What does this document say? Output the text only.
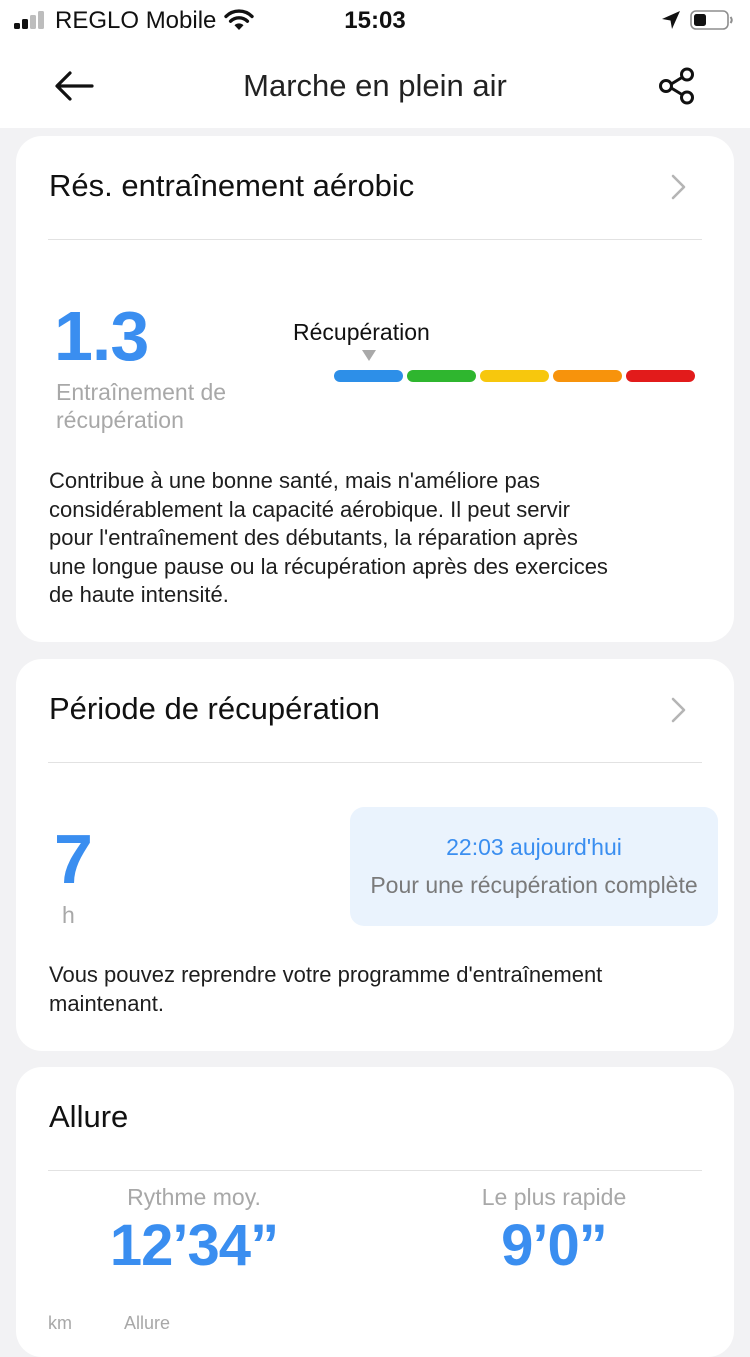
REGLO Mobile	15:03
Marche en plein air
Rés. entraînement aérobic
1.3
Entraînement de
récupération
Récupération
Contribue à une bonne santé, mais n'améliore pas
considérablement la capacité aérobique. Il peut servir
pour l'entraînement des débutants, la réparation après
une longue pause ou la récupération après des exercices
de haute intensité.
Période de récupération
7
h
22:03 aujourd'hui
Pour une récupération complète
Vous pouvez reprendre votre programme d'entraînement
maintenant.
Allure
Rythme moy.
12’34”
Le plus rapide
9’0”
km	Allure
